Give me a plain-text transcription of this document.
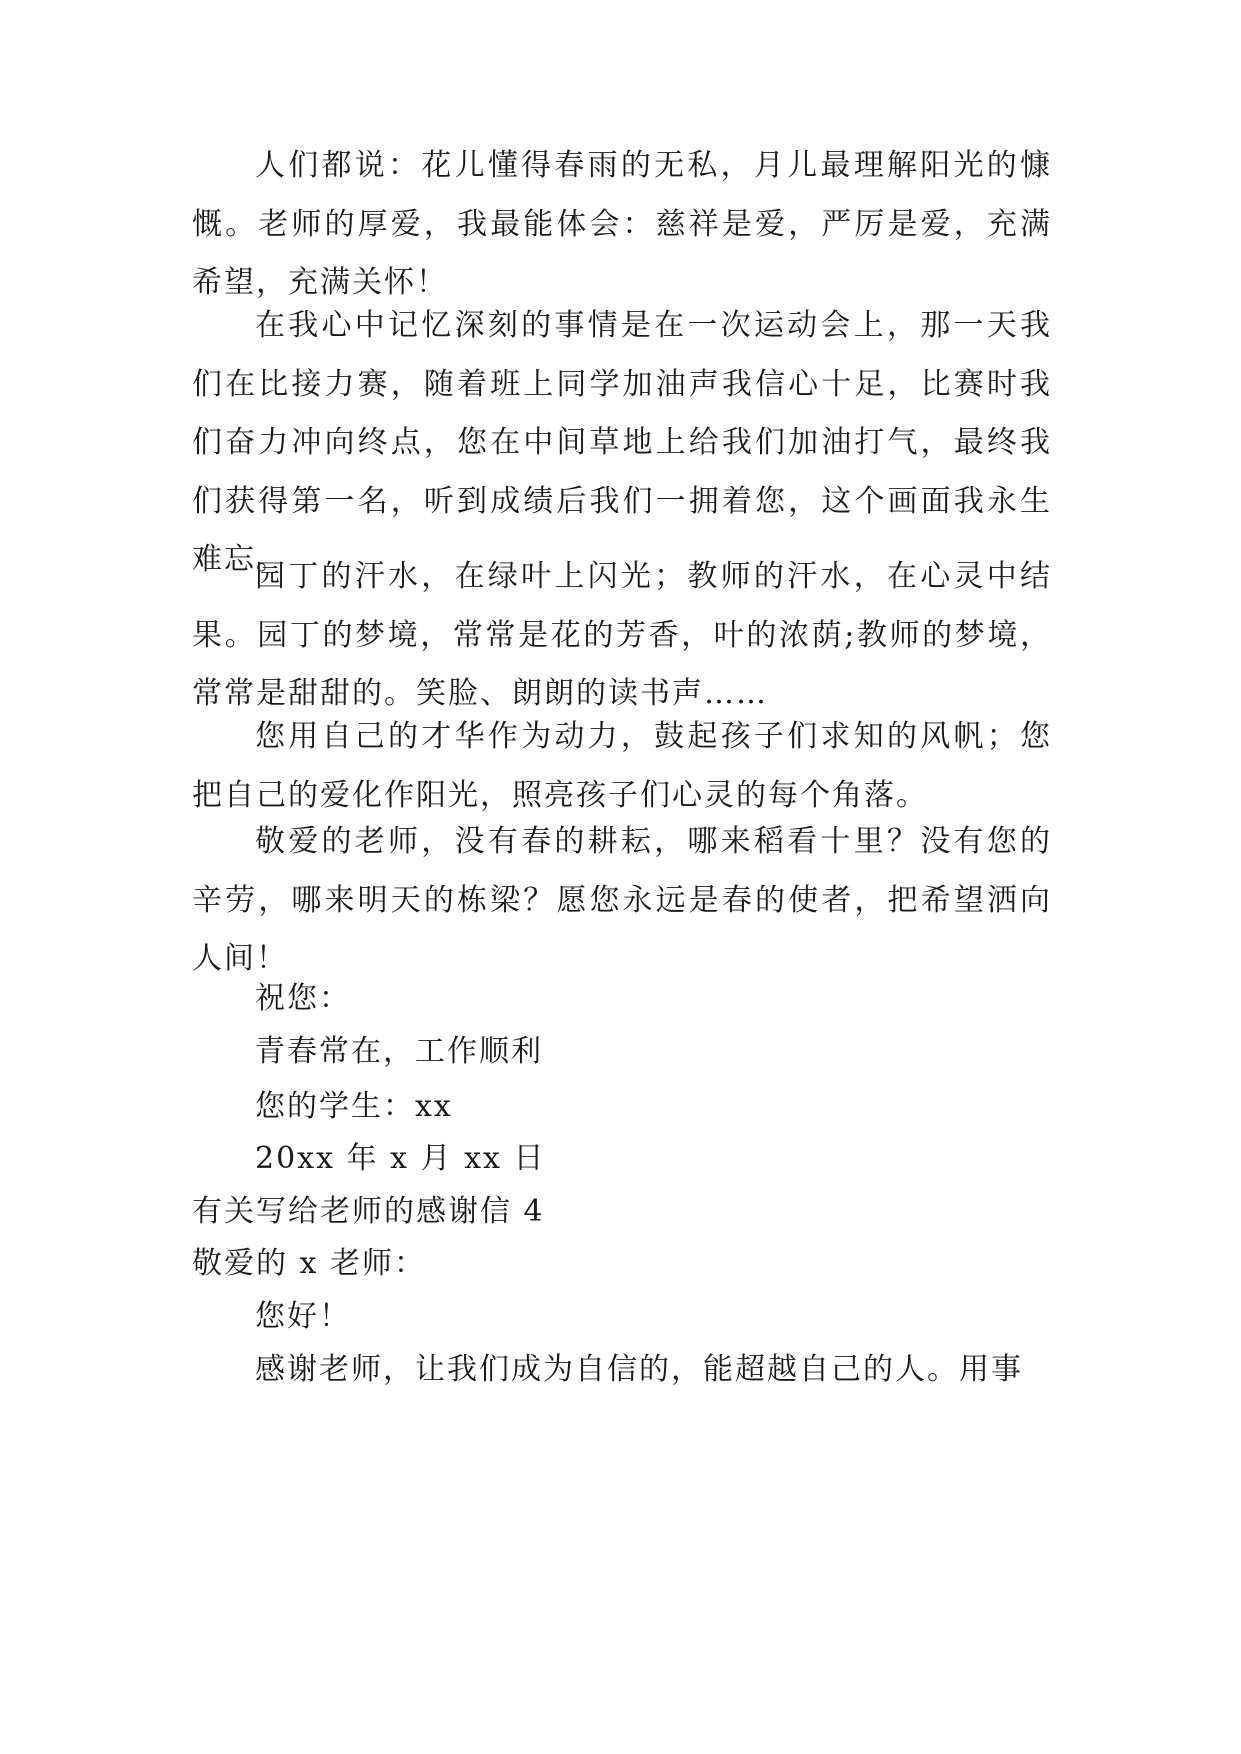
人们都说：花儿懂得春雨的无私，月儿最理解阳光的慷慨。老师的厚爱，我最能体会：慈祥是爱，严厉是爱，充满希望，充满关怀！

在我心中记忆深刻的事情是在一次运动会上，那一天我们在比接力赛，随着班上同学加油声我信心十足，比赛时我们奋力冲向终点，您在中间草地上给我们加油打气，最终我们获得第一名，听到成绩后我们一拥着您，这个画面我永生难忘。

园丁的汗水，在绿叶上闪光；教师的汗水，在心灵中结果。园丁的梦境，常常是花的芳香，叶的浓荫;教师的梦境，常常是甜甜的。笑脸、朗朗的读书声……

您用自己的才华作为动力，鼓起孩子们求知的风帆；您把自己的爱化作阳光，照亮孩子们心灵的每个角落。

敬爱的老师，没有春的耕耘，哪来稻看十里？没有您的辛劳，哪来明天的栋梁？愿您永远是春的使者，把希望洒向人间！

祝您：

青春常在，工作顺利

您的学生：xx

20xx 年 x 月 xx 日

有关写给老师的感谢信 4

敬爱的 x 老师：

您好！

感谢老师，让我们成为自信的，能超越自己的人。用事
